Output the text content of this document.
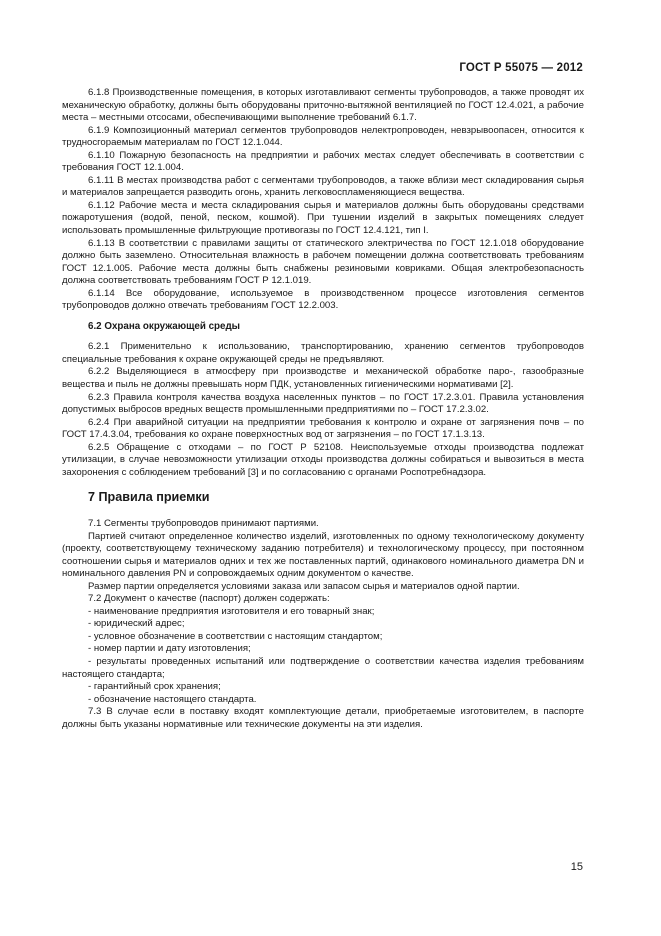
ГОСТ Р 55075 — 2012

6.1.8 Производственные помещения, в которых изготавливают сегменты трубопроводов, а также проводят их механическую обработку, должны быть оборудованы приточно-вытяжной вентиляцией по ГОСТ 12.4.021, а рабочие места – местными отсосами, обеспечивающими выполнение требований 6.1.7.

6.1.9 Композиционный материал сегментов трубопроводов нелектропроводен, невзрывоопасен, относится к трудносгораемым материалам по ГОСТ 12.1.044.

6.1.10 Пожарную безопасность на предприятии и рабочих местах следует обеспечивать в соответствии с требования ГОСТ 12.1.004.

6.1.11 В местах производства работ с сегментами трубопроводов, а также вблизи мест складирования сырья и материалов запрещается разводить огонь, хранить легковоспламеняющиеся вещества.

6.1.12 Рабочие места и места складирования сырья и материалов должны быть оборудованы средствами пожаротушения (водой, пеной, песком, кошмой). При тушении изделий в закрытых помещениях следует использовать промышленные фильтрующие противогазы по ГОСТ 12.4.121, тип I.

6.1.13 В соответствии с правилами защиты от статического электричества по ГОСТ 12.1.018 оборудование должно быть заземлено. Относительная влажность в рабочем помещении должна соответствовать требованиям ГОСТ 12.1.005. Рабочие места должны быть снабжены резиновыми ковриками. Общая электробезопасность должна соответствовать требованиям ГОСТ Р 12.1.019.

6.1.14 Все оборудование, используемое в производственном процессе изготовления сегментов трубопроводов должно отвечать требованиям ГОСТ 12.2.003.

6.2 Охрана окружающей среды

6.2.1 Применительно к использованию, транспортированию, хранению сегментов трубопроводов специальные требования к охране окружающей среды не предъявляют.

6.2.2 Выделяющиеся в атмосферу при производстве и механической обработке паро-, газообразные вещества и пыль не должны превышать норм ПДК, установленных гигиеническими нормативами [2].

6.2.3 Правила контроля качества воздуха населенных пунктов – по ГОСТ 17.2.3.01. Правила установления допустимых выбросов вредных веществ промышленными предприятиями по – ГОСТ 17.2.3.02.

6.2.4 При аварийной ситуации на предприятии требования к контролю и охране от загрязнения почв – по ГОСТ 17.4.3.04, требования ко охране поверхностных вод от загрязнения – по ГОСТ 17.1.3.13.

6.2.5 Обращение с отходами – по ГОСТ Р 52108. Неиспользуемые отходы производства подлежат утилизации, в случае невозможности утилизации отходы производства должны собираться и вывозиться в места захоронения с соблюдением требований [3] и по согласованию с органами Роспотребнадзора.

7 Правила приемки

7.1 Сегменты трубопроводов принимают партиями.

Партией считают определенное количество изделий, изготовленных по одному технологическому документу (проекту, соответствующему техническому заданию потребителя) и технологическому процессу, при постоянном соотношении сырья и материалов одних и тех же поставленных партий, одинакового номинального диаметра DN и номинального давления PN и сопровождаемых одним документом о качестве.

Размер партии определяется условиями заказа или запасом сырья и материалов одной партии.

7.2 Документ о качестве (паспорт) должен содержать:

- наименование предприятия изготовителя и его товарный знак;

- юридический адрес;

- условное обозначение в соответствии с настоящим стандартом;

- номер партии и дату изготовления;

- результаты проведенных испытаний или подтверждение о соответствии качества изделия требованиям настоящего стандарта;

- гарантийный срок хранения;

- обозначение настоящего стандарта.

7.3 В случае если в поставку входят комплектующие детали, приобретаемые изготовителем, в паспорте должны быть указаны нормативные или технические документы на эти изделия.

15
